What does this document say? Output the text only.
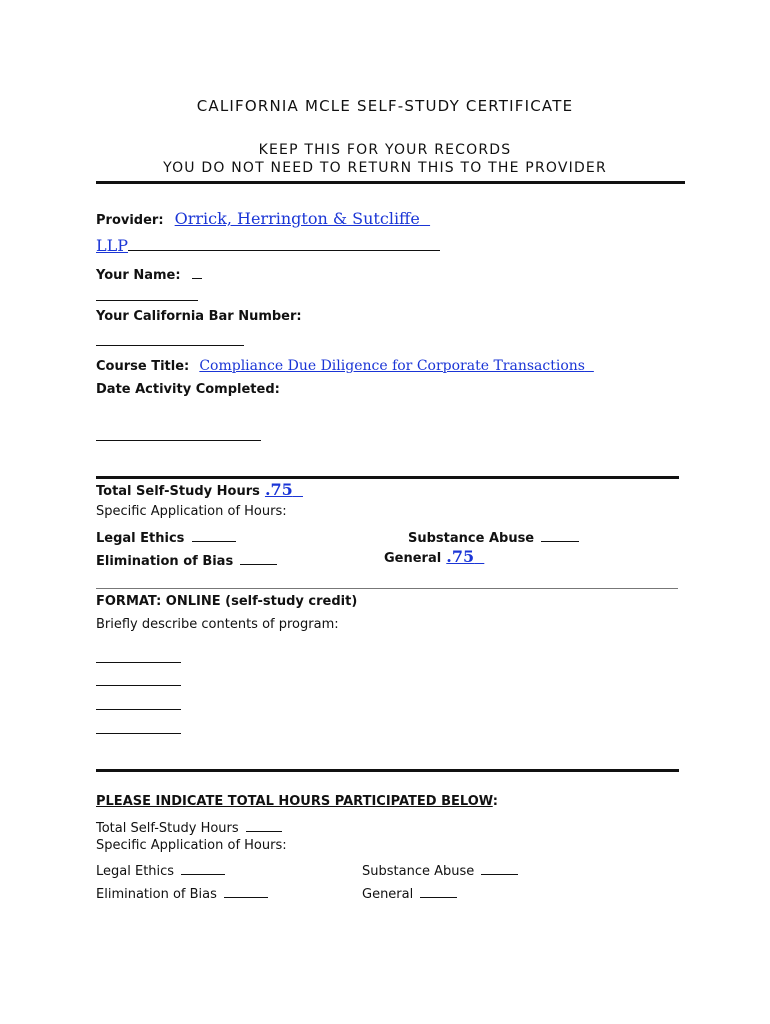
CALIFORNIA MCLE SELF-STUDY CERTIFICATE
KEEP THIS FOR YOUR RECORDS
YOU DO NOT NEED TO RETURN THIS TO THE PROVIDER
Provider: Orrick, Herrington & Sutcliffe
LLP
Your Name:
Your California Bar Number:
Course Title: Compliance Due Diligence for Corporate Transactions
Date Activity Completed:
Total Self-Study Hours .75
Specific Application of Hours:
Legal Ethics	Substance Abuse
Elimination of Bias	General .75
FORMAT: ONLINE (self-study credit)
Briefly describe contents of program:
PLEASE INDICATE TOTAL HOURS PARTICIPATED BELOW:
Total Self-Study Hours
Specific Application of Hours:
Legal Ethics	Substance Abuse
Elimination of Bias	General
